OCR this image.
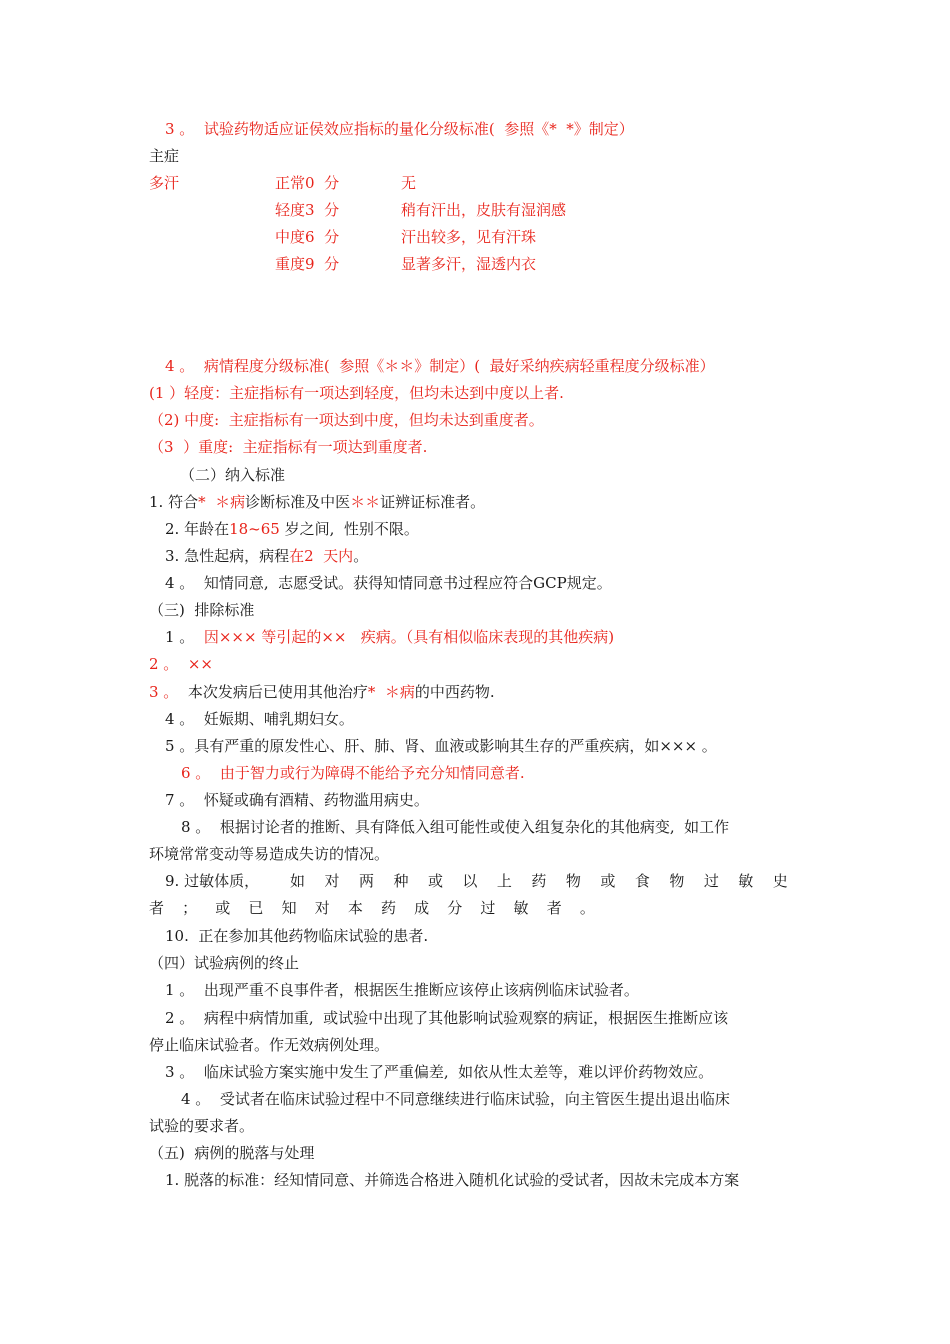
3 。  试验药物适应证侯效应指标的量化分级标准(  参照《*  *》制定）
主症
多汗	正常0  分	无
轻度3  分	稍有汗出，皮肤有湿润感
中度6  分	汗出较多，见有汗珠
重度9  分	显著多汗，湿透内衣
4 。  病情程度分级标准(  参照《＊＊》制定）(  最好采纳疾病轻重程度分级标准）
(1 ）轻度：主症指标有一项达到轻度，但均未达到中度以上者.
（2) 中度:  主症指标有一项达到中度，但均未达到重度者。
（3  ）重度:  主症指标有一项达到重度者.
（二）纳入标准
1. 符合*  ＊病诊断标准及中医＊＊证辨证标准者。
2. 年龄在18~65 岁之间,  性别不限。
3. 急性起病，病程在2  天内。
4 。  知情同意,  志愿受试。获得知情同意书过程应符合GCP规定。
（三)  排除标准
1 。  因××× 等引起的××   疾病。（具有相似临床表现的其他疾病)
2 。  ××
3 。  本次发病后已使用其他治疗*  ＊病的中西药物.
4 。  妊娠期、哺乳期妇女。
5 。具有严重的原发性心、肝、肺、肾、血液或影响其生存的严重疾病，如××× 。
6 。  由于智力或行为障碍不能给予充分知情同意者.
7 。  怀疑或确有酒精、药物滥用病史。
8 。  根据讨论者的推断、具有降低入组可能性或使入组复杂化的其他病变,  如工作
环境常常变动等易造成失访的情况。
9. 过敏体质， 如 对 两 种 或 以 上 药 物 或 食 物 过 敏 史
者 ； 或 已 知 对 本 药 成 分 过 敏 者 。
10.  正在参加其他药物临床试验的患者.
（四）试验病例的终止
1 。  出现严重不良事件者，根据医生推断应该停止该病例临床试验者。
2 。  病程中病情加重,  或试验中出现了其他影响试验观察的病证，根据医生推断应该
停止临床试验者。作无效病例处理。
3 。  临床试验方案实施中发生了严重偏差,  如依从性太差等，难以评价药物效应。
4 。  受试者在临床试验过程中不同意继续进行临床试验，向主管医生提出退出临床
试验的要求者。
（五)  病例的脱落与处理
1. 脱落的标准：经知情同意、并筛选合格进入随机化试验的受试者，因故未完成本方案
